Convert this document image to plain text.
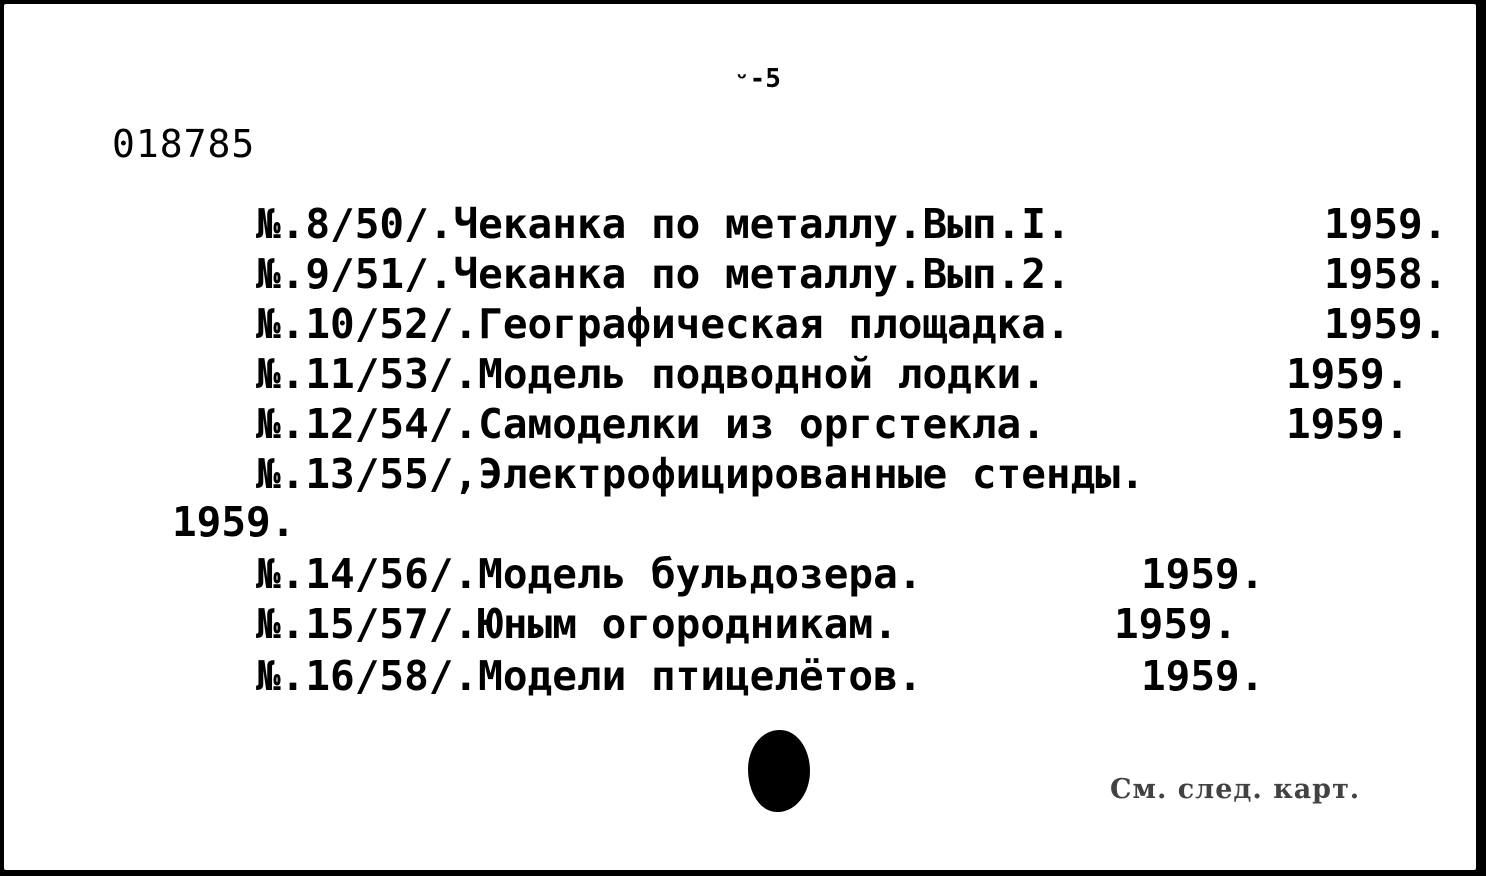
018785
ᵕ-5
№.8/50/.Чеканка по металлу.Вып.I.	1959.
№.9/51/.Чеканка по металлу.Вып.2.	1958.
№.10/52/.Географическая площадка.	1959.
№.11/53/.Модель подводной лодки.	1959.
№.12/54/.Самоделки из оргстекла.	1959.
№.13/55/,Электрофицированные стенды.
1959.
№.14/56/.Модель бульдозера.	1959.
№.15/57/.Юным огородникам.	1959.
№.16/58/.Модели птицелётов.	1959.
См. след. карт.
